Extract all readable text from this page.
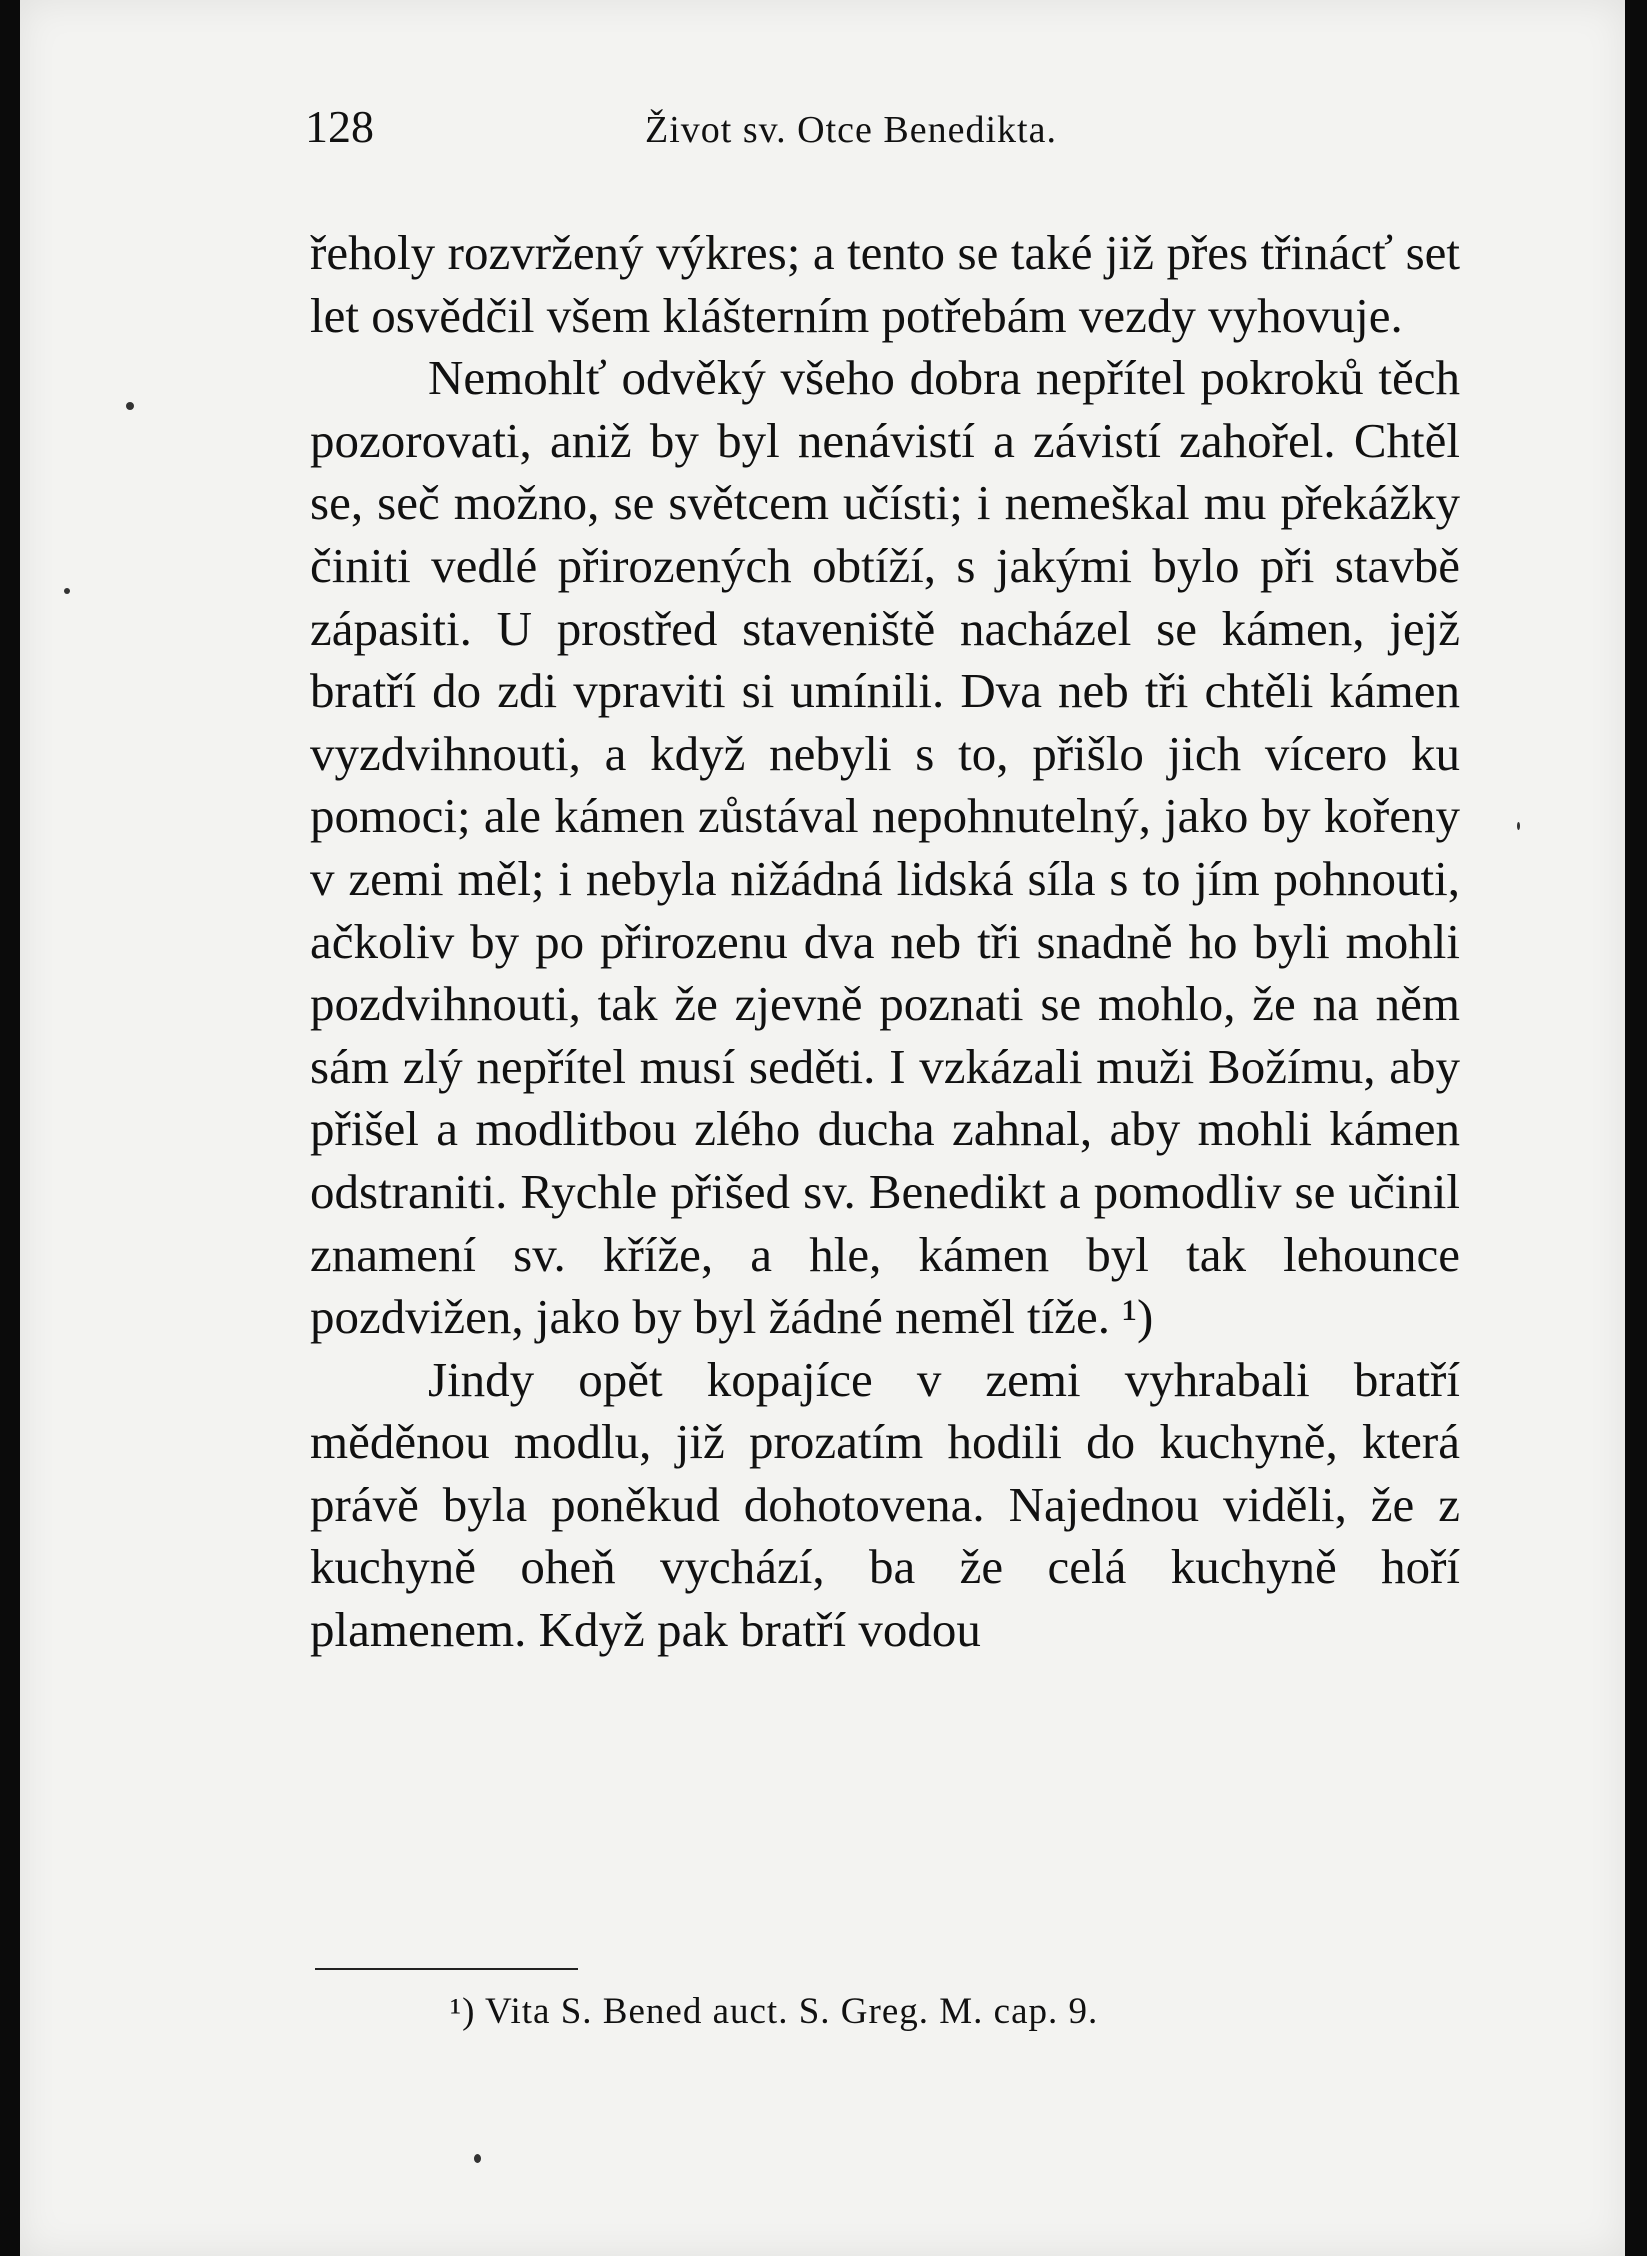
128	Život sv. Otce Benedikta.

řeholy rozvržený výkres; a tento se také již přes třinácť set let osvědčil všem klášterním potřebám vezdy vyhovuje.

Nemohlť odvěký všeho dobra nepřítel pokroků těch pozorovati, aniž by byl nenávistí a závistí zahořel. Chtěl se, seč možno, se světcem učísti; i nemeškal mu překážky činiti vedlé přirozených obtíží, s jakými bylo při stavbě zápasiti. U prostřed staveniště nacházel se kámen, jejž bratří do zdi vpraviti si umínili. Dva neb tři chtěli kámen vyzdvihnouti, a když nebyli s to, přišlo jich vícero ku pomoci; ale kámen zůstával nepohnutelný, jako by kořeny v zemi měl; i nebyla nižádná lidská síla s to jím pohnouti, ačkoliv by po přirozenu dva neb tři snadně ho byli mohli pozdvihnouti, tak že zjevně poznati se mohlo, že na něm sám zlý nepřítel musí seděti. I vzkázali muži Božímu, aby přišel a modlitbou zlého ducha zahnal, aby mohli kámen odstraniti. Rychle přišed sv. Benedikt a pomodliv se učinil znamení sv. kříže, a hle, kámen byl tak lehounce pozdvižen, jako by byl žádné neměl tíže. ¹)

Jindy opět kopajíce v zemi vyhrabali bratří měděnou modlu, již prozatím hodili do kuchyně, která právě byla poněkud dohotovena. Najednou viděli, že z kuchyně oheň vychází, ba že celá kuchyně hoří plamenem. Když pak bratří vodou

¹) Vita S. Bened auct. S. Greg. M. cap. 9.
